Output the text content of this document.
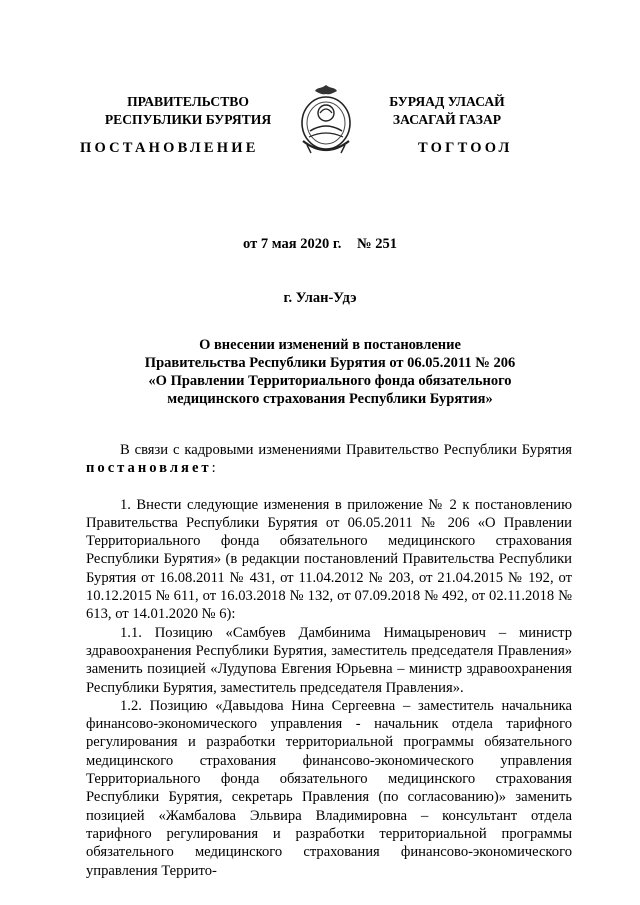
ПРАВИТЕЛЬСТВО
РЕСПУБЛИКИ БУРЯТИЯ
БУРЯАД УЛАСАЙ
ЗАСАГАЙ ГАЗАР
ПОСТАНОВЛЕНИЕ	ТОГТООЛ
от 7 мая 2020 г. № 251
г. Улан-Удэ
О внесении изменений в постановление
Правительства Республики Бурятия от 06.05.2011 № 206
«О Правлении Территориального фонда обязательного
медицинского страхования Республики Бурятия»

В связи с кадровыми изменениями Правительство Республики Бурятия постановляет:

1. Внести следующие изменения в приложение № 2 к постановлению Правительства Республики Бурятия от 06.05.2011 № 206 «О Правлении Территориального фонда обязательного медицинского страхования Республики Бурятия» (в редакции постановлений Правительства Республики Бурятия от 16.08.2011 № 431, от 11.04.2012 № 203, от 21.04.2015 № 192, от 10.12.2015 № 611, от 16.03.2018 № 132, от 07.09.2018 № 492, от 02.11.2018 № 613, от 14.01.2020 № 6):

1.1. Позицию «Самбуев Дамбинима Нимацыренович – министр здравоохранения Республики Бурятия, заместитель председателя Правления» заменить позицией «Лудупова Евгения Юрьевна – министр здравоохранения Республики Бурятия, заместитель председателя Правления».

1.2. Позицию «Давыдова Нина Сергеевна – заместитель начальника финансово-экономического управления - начальник отдела тарифного регулирования и разработки территориальной программы обязательного медицинского страхования финансово-экономического управления Территориального фонда обязательного медицинского страхования Республики Бурятия, секретарь Правления (по согласованию)» заменить позицией «Жамбалова Эльвира Владимировна – консультант отдела тарифного регулирования и разработки территориальной программы обязательного медицинского страхования финансово-экономического управления Террито-
